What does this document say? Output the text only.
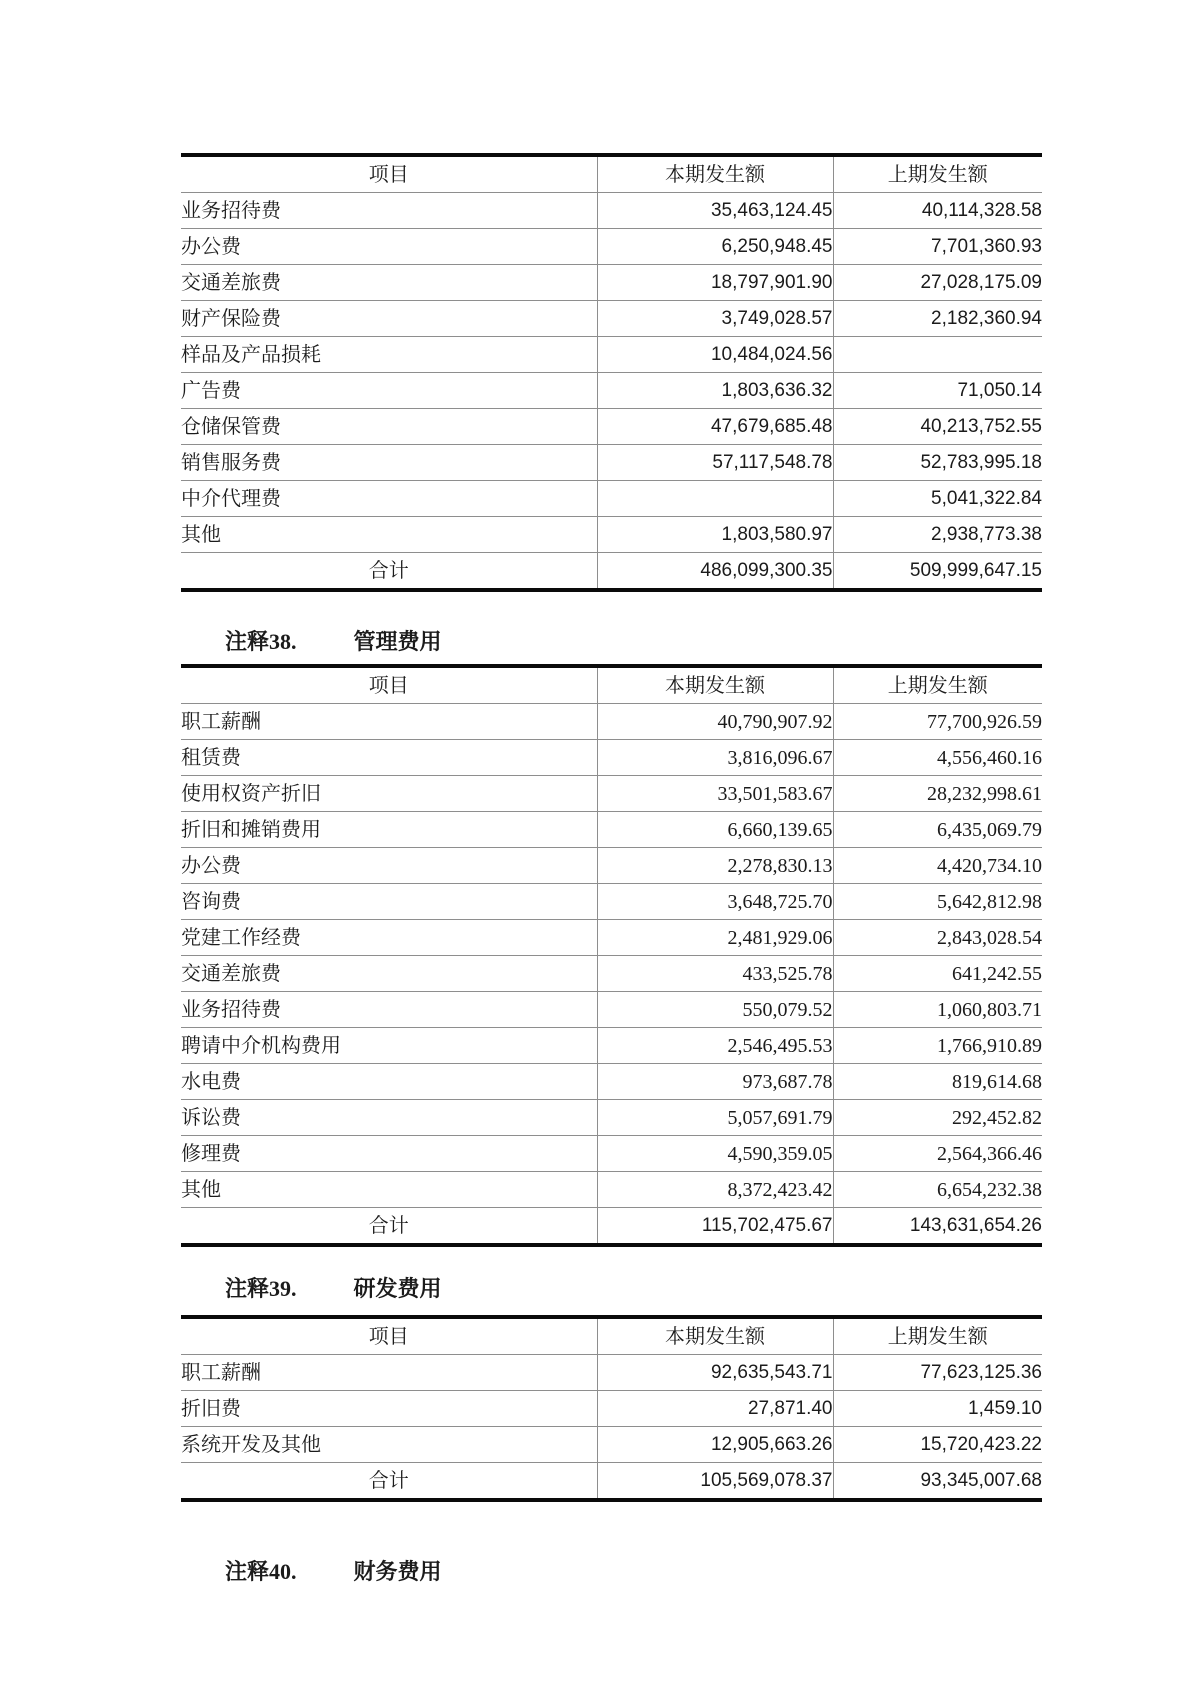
项目	本期发生额	上期发生额
业务招待费	35,463,124.45	40,114,328.58
办公费	6,250,948.45	7,701,360.93
交通差旅费	18,797,901.90	27,028,175.09
财产保险费	3,749,028.57	2,182,360.94
样品及产品损耗	10,484,024.56	
广告费	1,803,636.32	71,050.14
仓储保管费	47,679,685.48	40,213,752.55
销售服务费	57,117,548.78	52,783,995.18
中介代理费		5,041,322.84
其他	1,803,580.97	2,938,773.38
合计	486,099,300.35	509,999,647.15
注释38.	管理费用
项目	本期发生额	上期发生额
职工薪酬	40,790,907.92	77,700,926.59
租赁费	3,816,096.67	4,556,460.16
使用权资产折旧	33,501,583.67	28,232,998.61
折旧和摊销费用	6,660,139.65	6,435,069.79
办公费	2,278,830.13	4,420,734.10
咨询费	3,648,725.70	5,642,812.98
党建工作经费	2,481,929.06	2,843,028.54
交通差旅费	433,525.78	641,242.55
业务招待费	550,079.52	1,060,803.71
聘请中介机构费用	2,546,495.53	1,766,910.89
水电费	973,687.78	819,614.68
诉讼费	5,057,691.79	292,452.82
修理费	4,590,359.05	2,564,366.46
其他	8,372,423.42	6,654,232.38
合计	115,702,475.67	143,631,654.26
注释39.	研发费用
项目	本期发生额	上期发生额
职工薪酬	92,635,543.71	77,623,125.36
折旧费	27,871.40	1,459.10
系统开发及其他	12,905,663.26	15,720,423.22
合计	105,569,078.37	93,345,007.68
注释40.	财务费用
